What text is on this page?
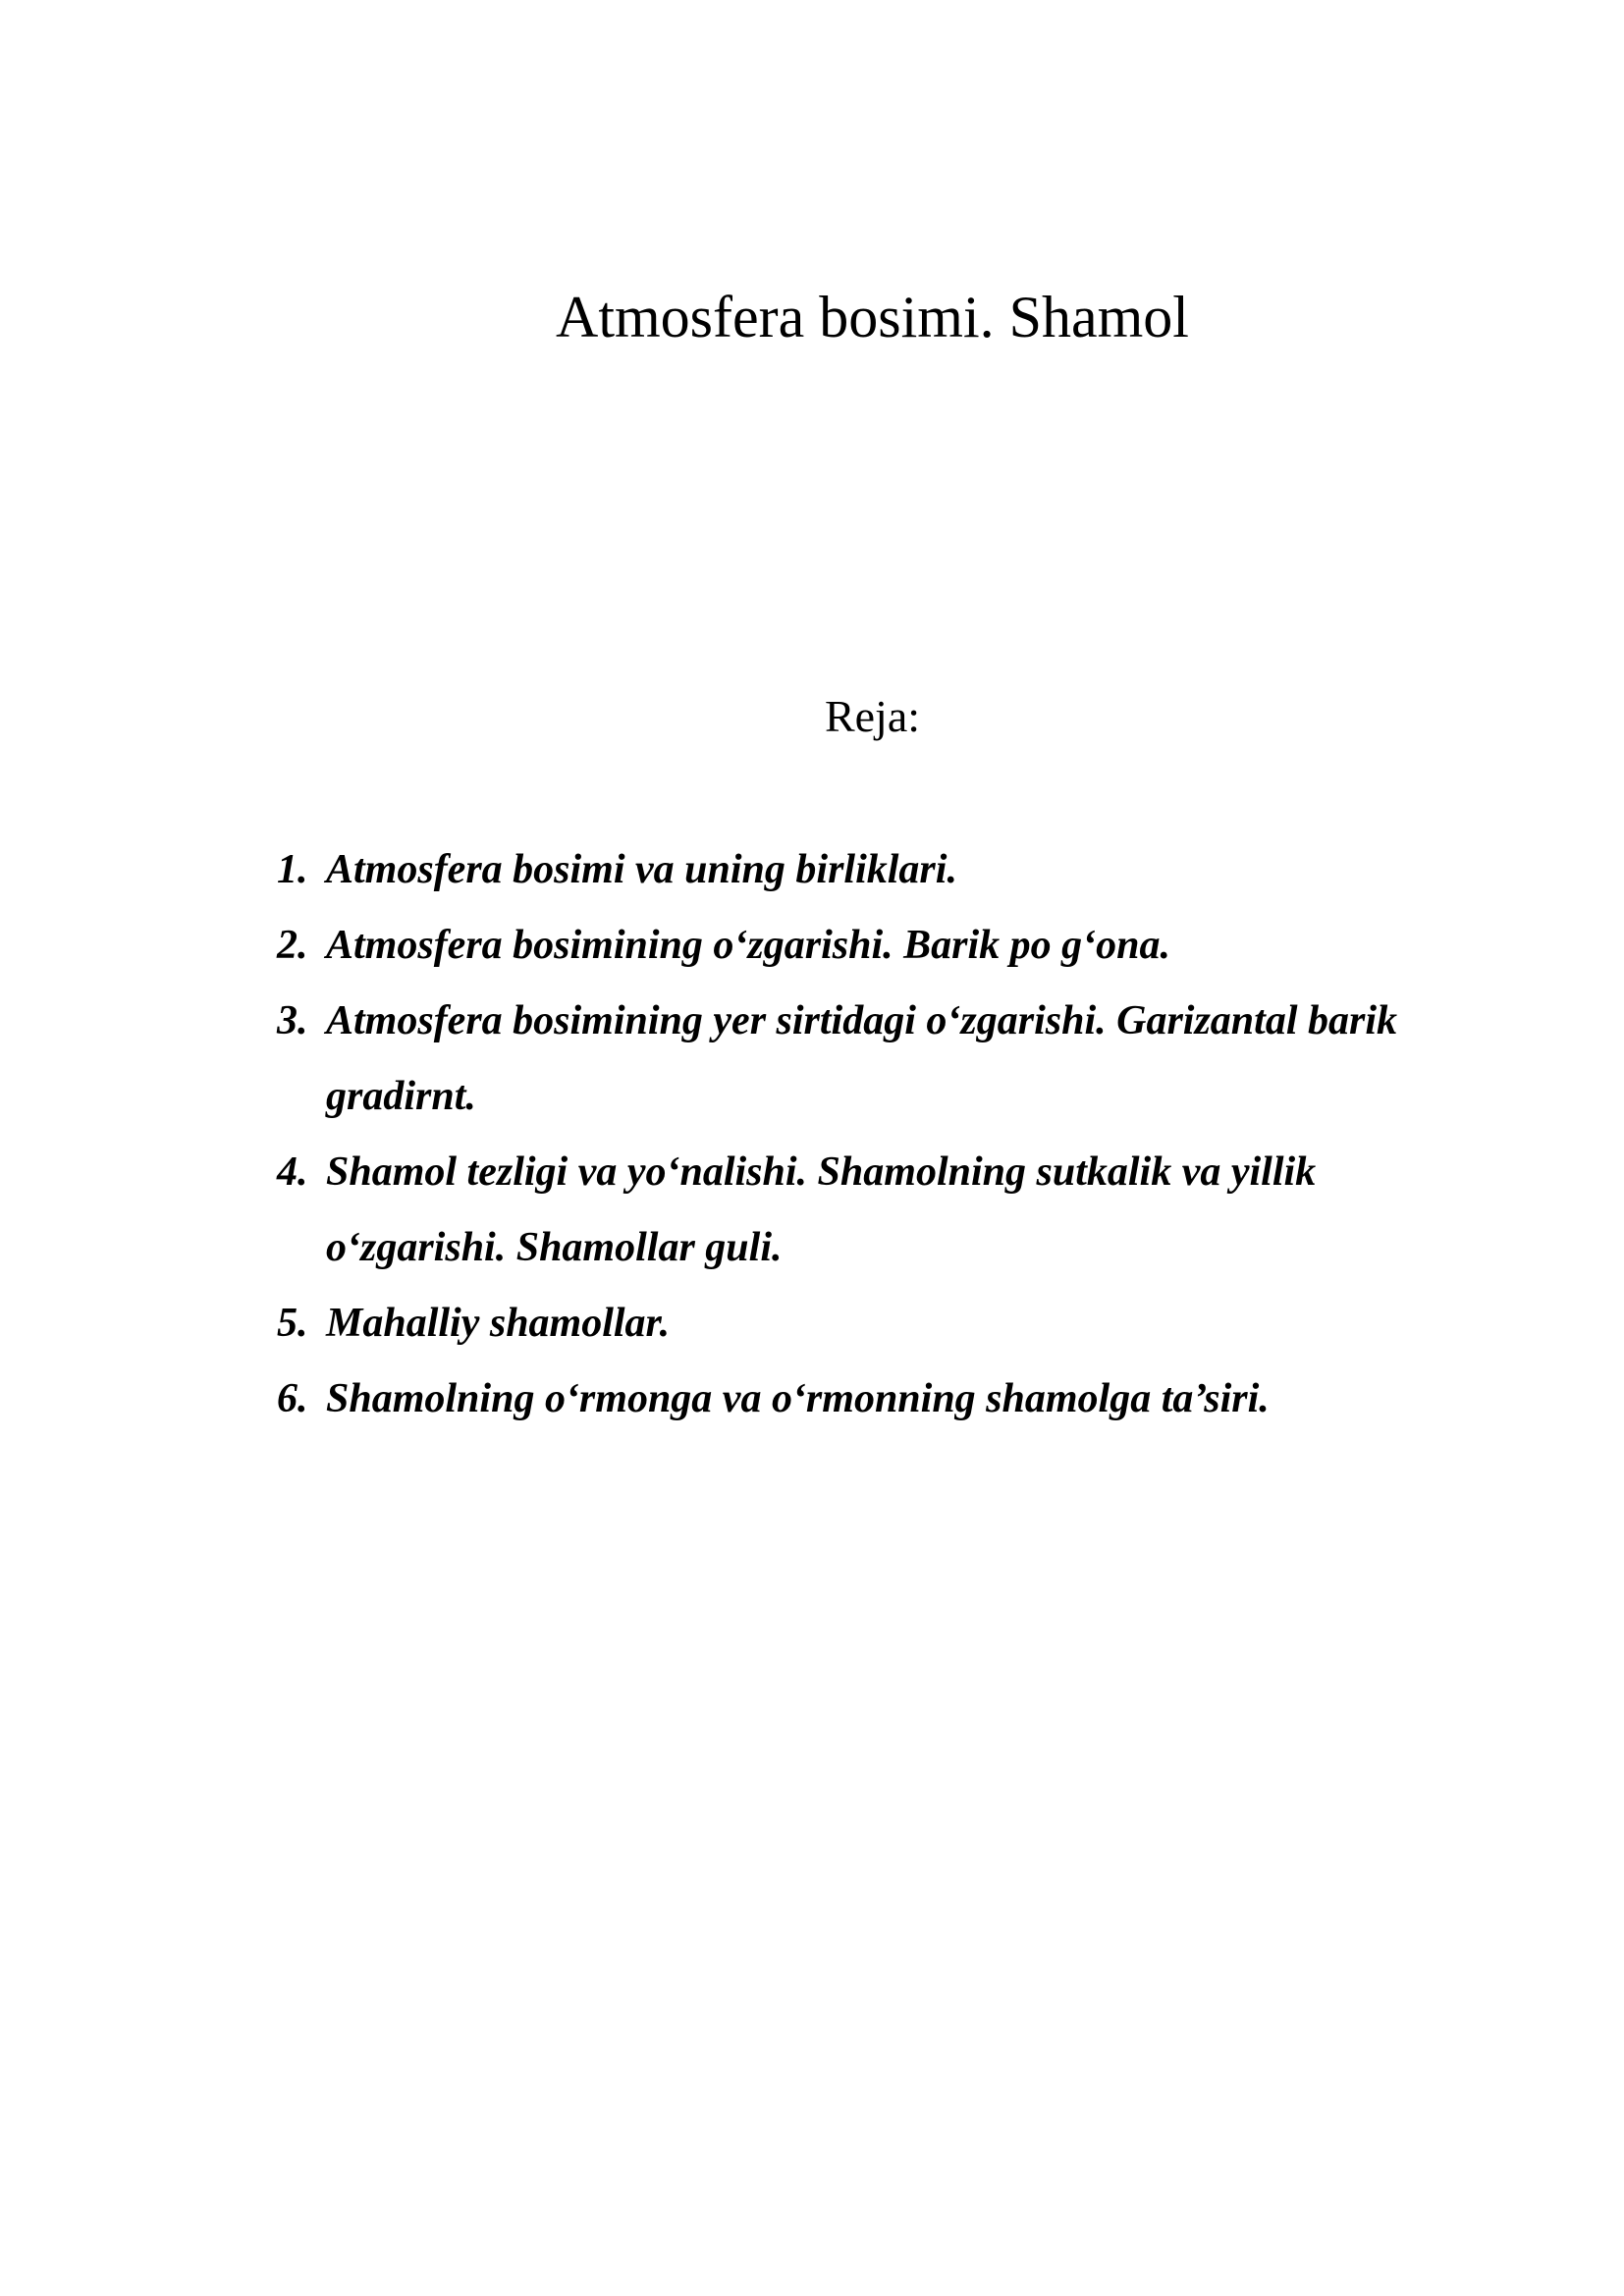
Atmosfera bosimi. Shamol
Reja:
1. Atmosfera bosimi va uning birliklari.
2. Atmosfera bosimining o‘zgarishi. Barik po g‘ona.
3. Atmosfera bosimining yer sirtidagi o‘zgarishi. Garizantal barik gradirnt.
4. Shamol tezligi va yo‘nalishi. Shamolning sutkalik va yillik o‘zgarishi. Shamollar guli.
5. Mahalliy shamollar.
6. Shamolning o‘rmonga va o‘rmonning shamolga ta’siri.
